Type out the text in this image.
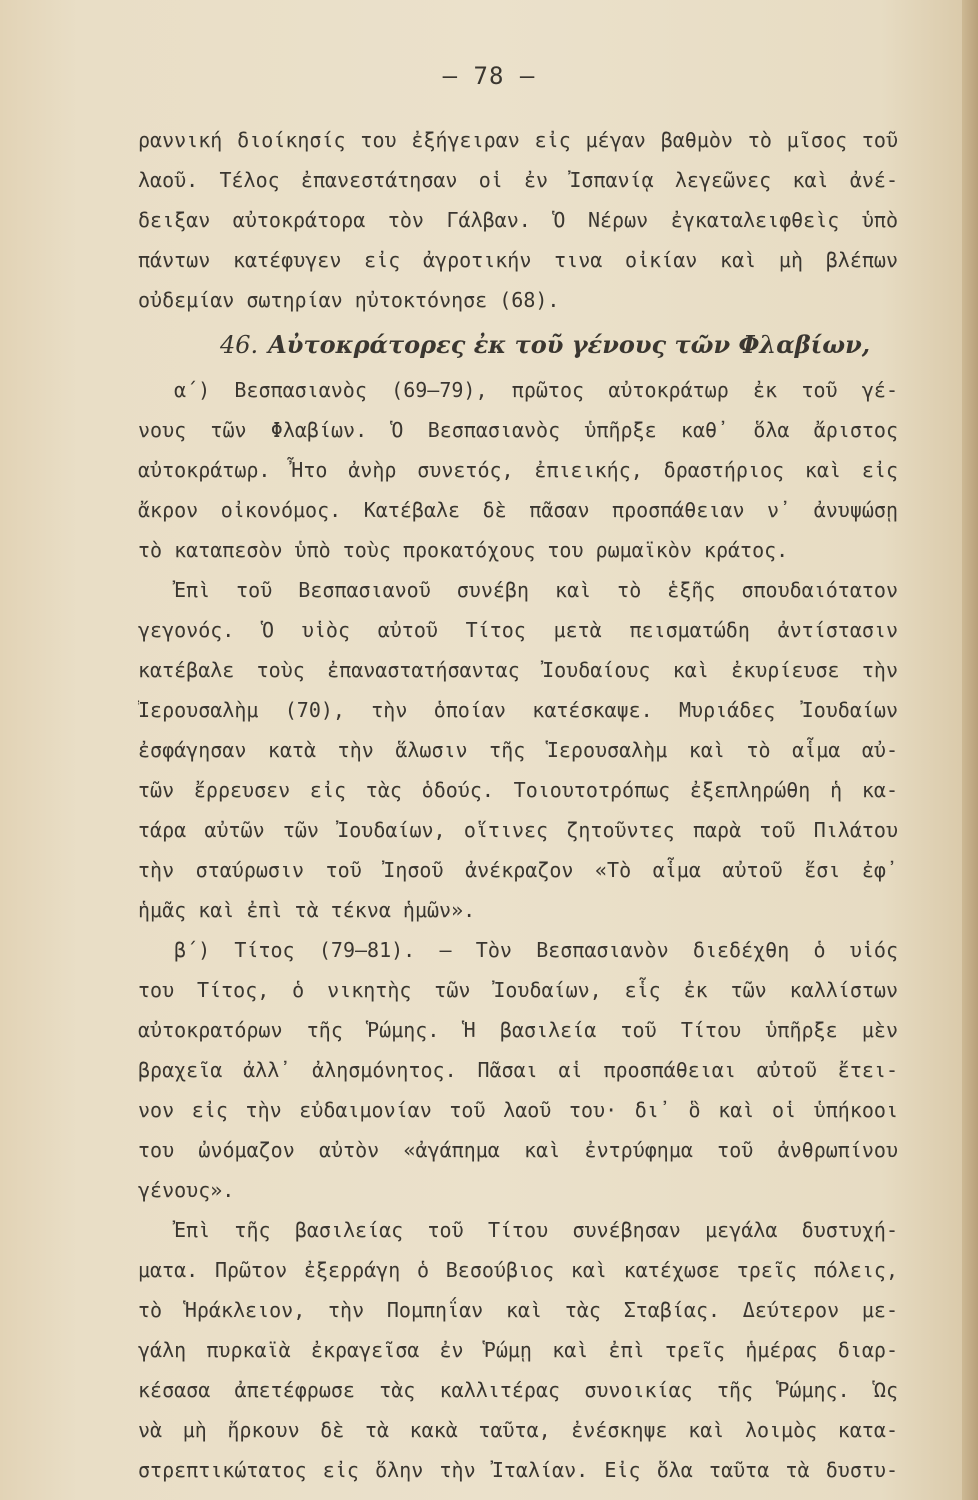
— 78 —
ραννική διοίκησίς του ἐξήγειραν εἰς μέγαν βαθμὸν τὸ μῖσος τοῦ
λαοῦ. Τέλος ἐπανεστάτησαν οἱ ἐν Ἰσπανίᾳ λεγεῶνες καὶ ἀνέ-
δειξαν αὐτοκράτορα τὸν Γάλβαν. Ὁ Νέρων ἐγκαταλειφθεὶς ὑπὸ
πάντων κατέφυγεν εἰς ἀγροτικήν τινα οἰκίαν καὶ μὴ βλέπων
οὐδεμίαν σωτηρίαν ηὐτοκτόνησε (68).
46. Αὐτοκράτορες ἐκ τοῦ γένους τῶν Φλαβίων,
α´) Βεσπασιανὸς (69—79), πρῶτος αὐτοκράτωρ ἐκ τοῦ γέ-
νους τῶν Φλαβίων. Ὁ Βεσπασιανὸς ὑπῆρξε καθ᾽ ὅλα ἄριστος
αὐτοκράτωρ. Ἦτο ἀνὴρ συνετός, ἐπιεικής, δραστήριος καὶ εἰς
ἄκρον οἰκονόμος. Κατέβαλε δὲ πᾶσαν προσπάθειαν ν᾽ ἀνυψώσῃ
τὸ καταπεσὸν ὑπὸ τοὺς προκατόχους του ρωμαϊκὸν κράτος.
Ἐπὶ τοῦ Βεσπασιανοῦ συνέβη καὶ τὸ ἑξῆς σπουδαιότατον
γεγονός. Ὁ υἱὸς αὐτοῦ Τίτος μετὰ πεισματώδη ἀντίστασιν
κατέβαλε τοὺς ἐπαναστατήσαντας Ἰουδαίους καὶ ἐκυρίευσε τὴν
Ἱερουσαλὴμ (70), τὴν ὁποίαν κατέσκαψε. Μυριάδες Ἰουδαίων
ἐσφάγησαν κατὰ τὴν ἅλωσιν τῆς Ἱερουσαλὴμ καὶ τὸ αἷμα αὐ-
τῶν ἔρρευσεν εἰς τὰς ὁδούς. Τοιουτοτρόπως ἐξεπληρώθη ἡ κα-
τάρα αὐτῶν τῶν Ἰουδαίων, οἵτινες ζητοῦντες παρὰ τοῦ Πιλάτου
τὴν σταύρωσιν τοῦ Ἰησοῦ ἀνέκραζον «Τὸ αἷμα αὐτοῦ ἔσι ἐφ᾽
ἡμᾶς καὶ ἐπὶ τὰ τέκνα ἡμῶν».
β´) Τίτος (79—81). — Τὸν Βεσπασιανὸν διεδέχθη ὁ υἱός
του Τίτος, ὁ νικητὴς τῶν Ἰουδαίων, εἷς ἐκ τῶν καλλίστων
αὐτοκρατόρων τῆς Ῥώμης. Ἡ βασιλεία τοῦ Τίτου ὑπῆρξε μὲν
βραχεῖα ἀλλ᾽ ἀλησμόνητος. Πᾶσαι αἱ προσπάθειαι αὐτοῦ ἔτει-
νον εἰς τὴν εὐδαιμονίαν τοῦ λαοῦ του· δι᾽ ὃ καὶ οἱ ὑπήκοοι
του ὠνόμαζον αὐτὸν «ἀγάπημα καὶ ἐντρύφημα τοῦ ἀνθρωπίνου
γένους».
Ἐπὶ τῆς βασιλείας τοῦ Τίτου συνέβησαν μεγάλα δυστυχή-
ματα. Πρῶτον ἐξερράγη ὁ Βεσούβιος καὶ κατέχωσε τρεῖς πόλεις,
τὸ Ἡράκλειον, τὴν Πομπηΐαν καὶ τὰς Σταβίας. Δεύτερον με-
γάλη πυρκαϊὰ ἐκραγεῖσα ἐν Ῥώμῃ καὶ ἐπὶ τρεῖς ἡμέρας διαρ-
κέσασα ἀπετέφρωσε τὰς καλλιτέρας συνοικίας τῆς Ῥώμης. Ὡς
νὰ μὴ ἤρκουν δὲ τὰ κακὰ ταῦτα, ἐνέσκηψε καὶ λοιμὸς κατα-
στρεπτικώτατος εἰς ὅλην τὴν Ἰταλίαν. Εἰς ὅλα ταῦτα τὰ δυστυ-
